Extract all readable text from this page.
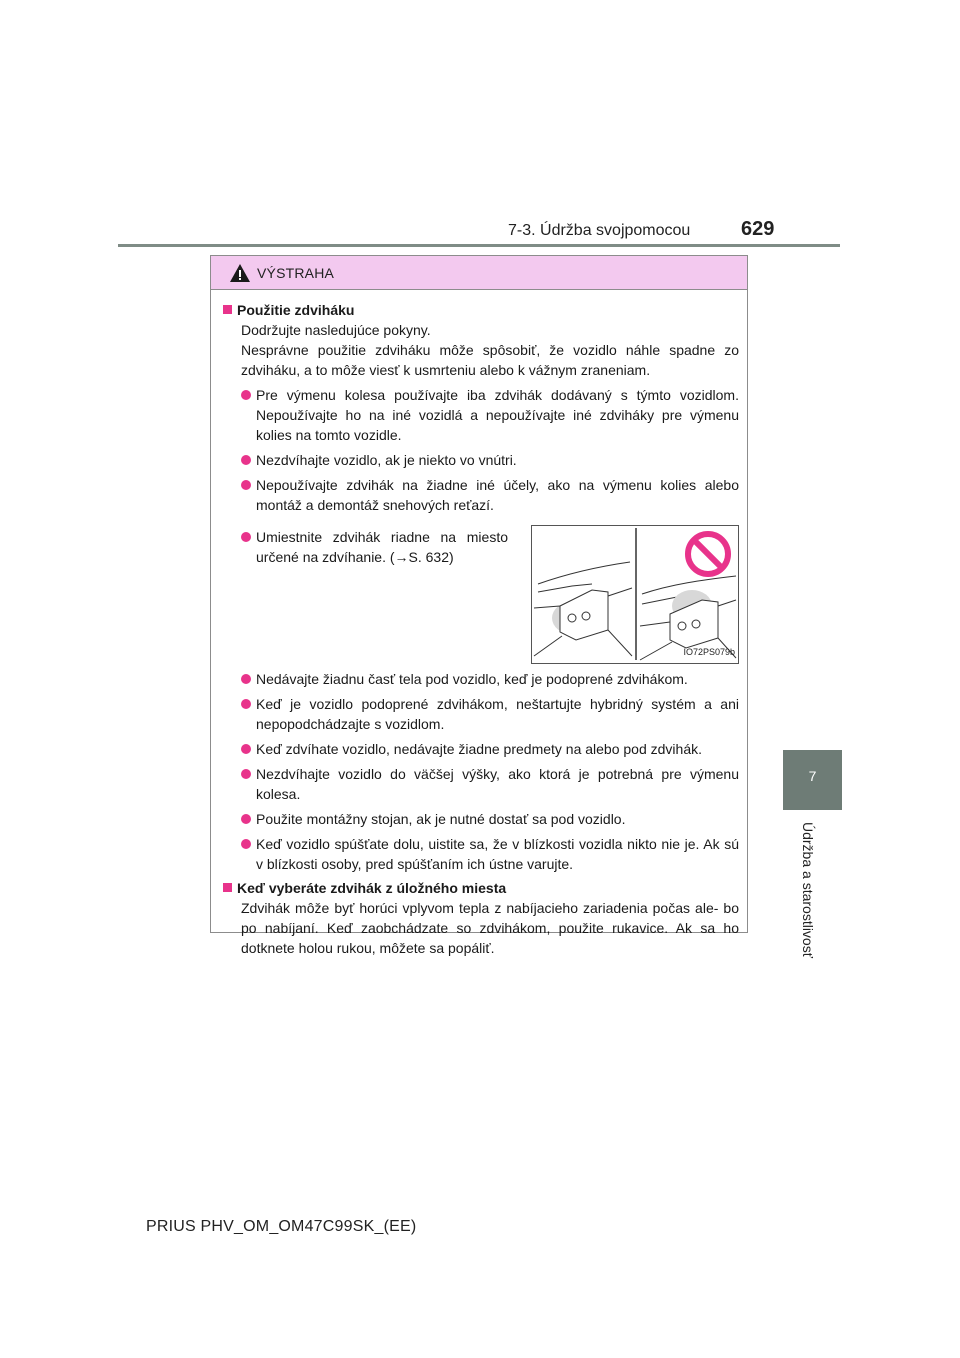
7-3. Údržba svojpomocou	629
7
Údržba a starostlivosť
VÝSTRAHA
Použitie zdviháku
Dodržujte nasledujúce pokyny.
Nesprávne použitie zdviháku môže spôsobiť, že vozidlo náhle spadne zo zdviháku, a to môže viesť k usmrteniu alebo k vážnym zraneniam.
Pre výmenu kolesa používajte iba zdvihák dodávaný s týmto vozidlom. Nepoužívajte ho na iné vozidlá a nepoužívajte iné zdviháky pre výmenu kolies na tomto vozidle.
Nezdvíhajte vozidlo, ak je niekto vo vnútri.
Nepoužívajte zdvihák na žiadne iné účely, ako na výmenu kolies alebo montáž a demontáž snehových reťazí.
Umiestnite zdvihák riadne na miesto určené na zdvíhanie. (→S. 632)
IO72PS079b
Nedávajte žiadnu časť tela pod vozidlo, keď je podoprené zdvihákom.
Keď je vozidlo podoprené zdvihákom, neštartujte hybridný systém a ani nepopodchádzajte s vozidlom.
Keď zdvíhate vozidlo, nedávajte žiadne predmety na alebo pod zdvihák.
Nezdvíhajte vozidlo do väčšej výšky, ako ktorá je potrebná pre výmenu kolesa.
Použite montážny stojan, ak je nutné dostať sa pod vozidlo.
Keď vozidlo spúšťate dolu, uistite sa, že v blízkosti vozidla nikto nie je. Ak sú v blízkosti osoby, pred spúšťaním ich ústne varujte.
Keď vyberáte zdvihák z úložného miesta
Zdvihák môže byť horúci vplyvom tepla z nabíjacieho zariadenia počas ale- bo po nabíjaní. Keď zaobchádzate so zdvihákom, použite rukavice. Ak sa ho dotknete holou rukou, môžete sa popáliť.
PRIUS PHV_OM_OM47C99SK_(EE)
